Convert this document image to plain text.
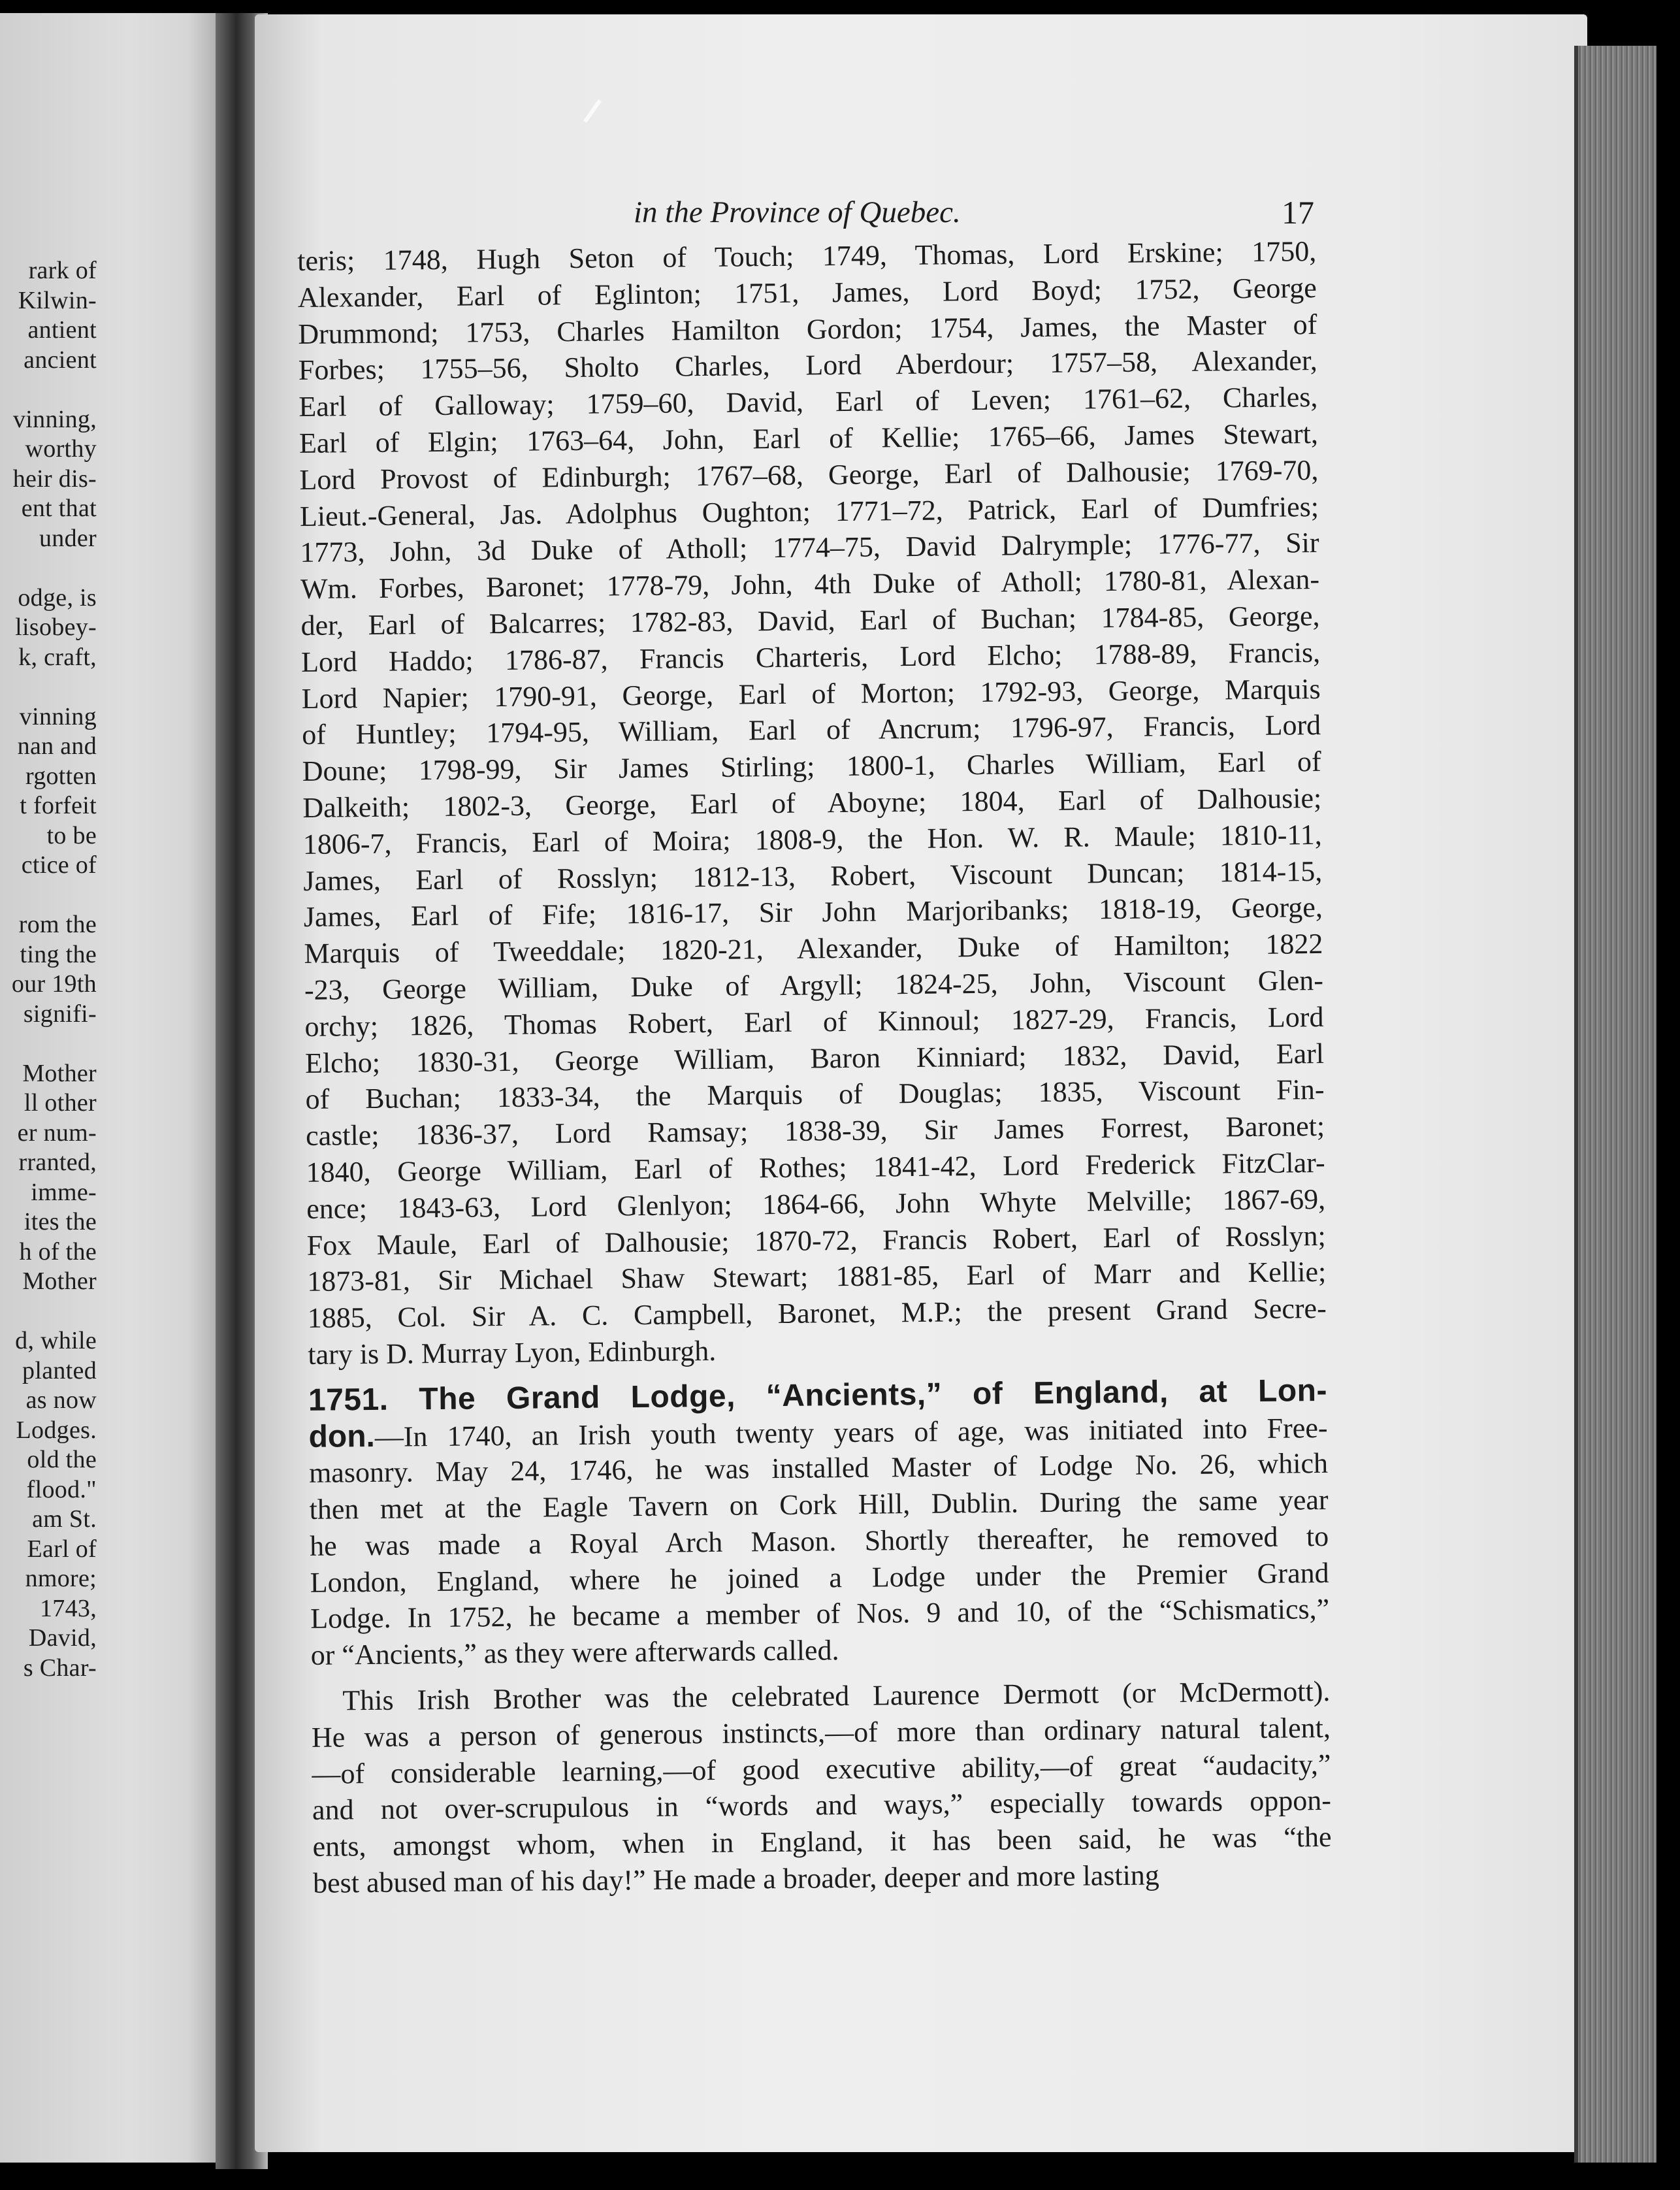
rark of
Kilwin-
antient
ancient
vinning,
worthy
heir dis-
ent that
under
odge, is
lisobey-
k, craft,
vinning
nan and
rgotten
t forfeit
to be
ctice of
rom the
ting the
our 19th
signifi-
Mother
ll other
er num-
rranted,
imme-
ites the
h of the
Mother
d, while
planted
as now
Lodges.
old the
flood."
am St.
Earl of
nmore;
1743,
David,
s Char-
in the Province of Quebec.	17
teris; 1748, Hugh Seton of Touch; 1749, Thomas, Lord Erskine; 1750,
Alexander, Earl of Eglinton; 1751, James, Lord Boyd; 1752, George
Drummond; 1753, Charles Hamilton Gordon; 1754, James, the Master of
Forbes; 1755–56, Sholto Charles, Lord Aberdour; 1757–58, Alexander,
Earl of Galloway; 1759–60, David, Earl of Leven; 1761–62, Charles,
Earl of Elgin; 1763–64, John, Earl of Kellie; 1765–66, James Stewart,
Lord Provost of Edinburgh; 1767–68, George, Earl of Dalhousie; 1769-70,
Lieut.-General, Jas. Adolphus Oughton; 1771–72, Patrick, Earl of Dumfries;
1773, John, 3d Duke of Atholl; 1774–75, David Dalrymple; 1776-77, Sir
Wm. Forbes, Baronet; 1778-79, John, 4th Duke of Atholl; 1780-81, Alexan-
der, Earl of Balcarres; 1782-83, David, Earl of Buchan; 1784-85, George,
Lord Haddo; 1786-87, Francis Charteris, Lord Elcho; 1788-89, Francis,
Lord Napier; 1790-91, George, Earl of Morton; 1792-93, George, Marquis
of Huntley; 1794-95, William, Earl of Ancrum; 1796-97, Francis, Lord
Doune; 1798-99, Sir James Stirling; 1800-1, Charles William, Earl of
Dalkeith; 1802-3, George, Earl of Aboyne; 1804, Earl of Dalhousie;
1806-7, Francis, Earl of Moira; 1808-9, the Hon. W. R. Maule; 1810-11,
James, Earl of Rosslyn; 1812-13, Robert, Viscount Duncan; 1814-15,
James, Earl of Fife; 1816-17, Sir John Marjoribanks; 1818-19, George,
Marquis of Tweeddale; 1820-21, Alexander, Duke of Hamilton; 1822
-23, George William, Duke of Argyll; 1824-25, John, Viscount Glen-
orchy; 1826, Thomas Robert, Earl of Kinnoul; 1827-29, Francis, Lord
Elcho; 1830-31, George William, Baron Kinniard; 1832, David, Earl
of Buchan; 1833-34, the Marquis of Douglas; 1835, Viscount Fin-
castle; 1836-37, Lord Ramsay; 1838-39, Sir James Forrest, Baronet;
1840, George William, Earl of Rothes; 1841-42, Lord Frederick FitzClar-
ence; 1843-63, Lord Glenlyon; 1864-66, John Whyte Melville; 1867-69,
Fox Maule, Earl of Dalhousie; 1870-72, Francis Robert, Earl of Rosslyn;
1873-81, Sir Michael Shaw Stewart; 1881-85, Earl of Marr and Kellie;
1885, Col. Sir A. C. Campbell, Baronet, M.P.; the present Grand Secre-
tary is D. Murray Lyon, Edinburgh.
1751. The Grand Lodge, “Ancients,” of England, at Lon-
don.—In 1740, an Irish youth twenty years of age, was initiated into Free-
masonry. May 24, 1746, he was installed Master of Lodge No. 26, which
then met at the Eagle Tavern on Cork Hill, Dublin. During the same year
he was made a Royal Arch Mason. Shortly thereafter, he removed to
London, England, where he joined a Lodge under the Premier Grand
Lodge. In 1752, he became a member of Nos. 9 and 10, of the “Schismatics,”
or “Ancients,” as they were afterwards called.
This Irish Brother was the celebrated Laurence Dermott (or McDermott).
He was a person of generous instincts,—of more than ordinary natural talent,
—of considerable learning,—of good executive ability,—of great “audacity,”
and not over-scrupulous in “words and ways,” especially towards oppon-
ents, amongst whom, when in England, it has been said, he was “the
best abused man of his day!” He made a broader, deeper and more lasting
